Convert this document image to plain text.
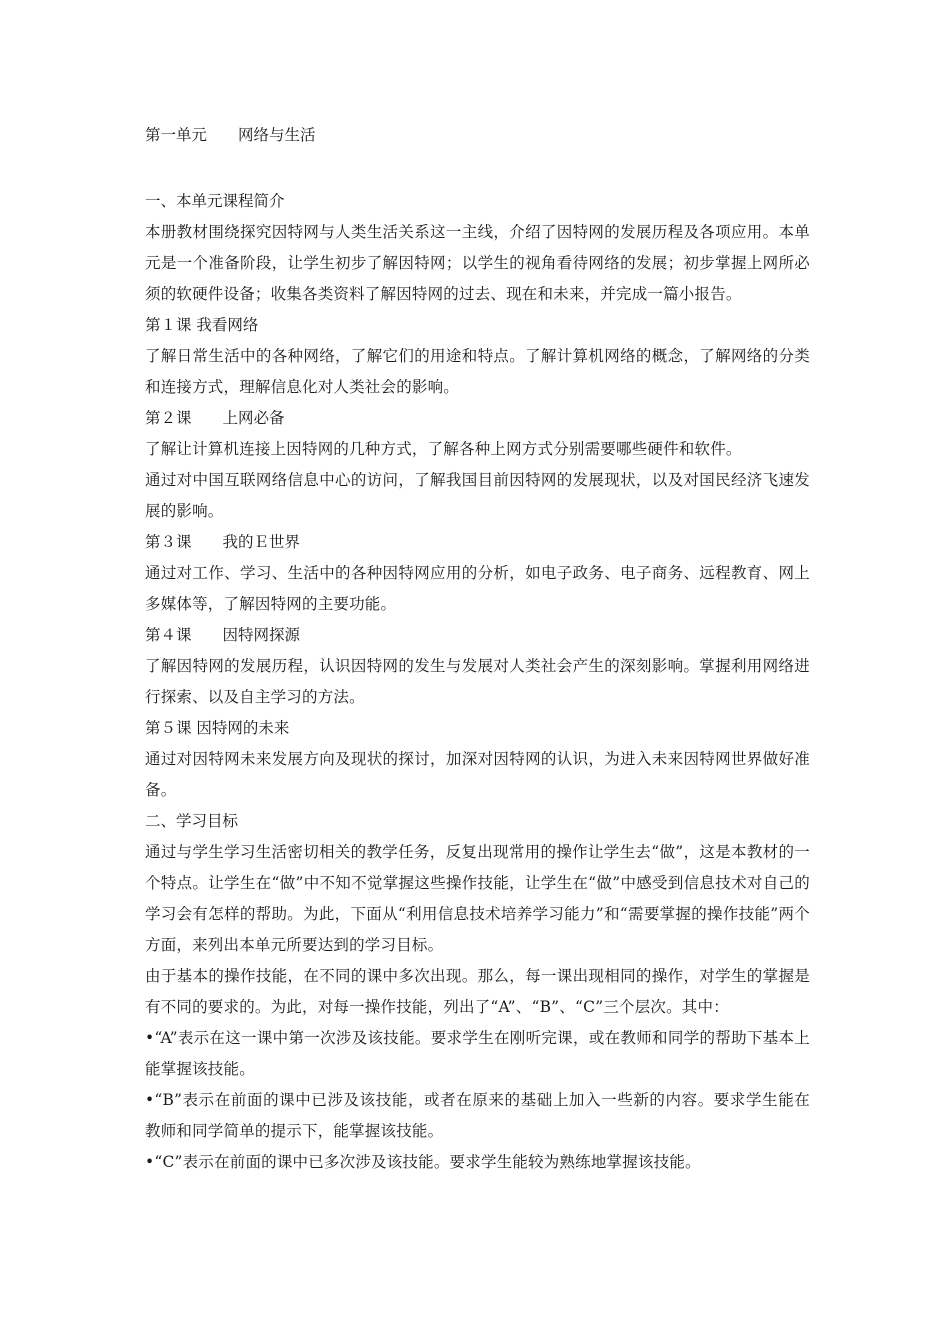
第一单元　　网络与生活
一、本单元课程简介

本册教材围绕探究因特网与人类生活关系这一主线，介绍了因特网的发展历程及各项应用。本单元是一个准备阶段，让学生初步了解因特网；以学生的视角看待网络的发展；初步掌握上网所必须的软硬件设备；收集各类资料了解因特网的过去、现在和未来，并完成一篇小报告。

第１课 我看网络

了解日常生活中的各种网络，了解它们的用途和特点。了解计算机网络的概念，了解网络的分类和连接方式，理解信息化对人类社会的影响。

第２课　　上网必备

了解让计算机连接上因特网的几种方式，了解各种上网方式分别需要哪些硬件和软件。

通过对中国互联网络信息中心的访问，了解我国目前因特网的发展现状，以及对国民经济飞速发展的影响。

第３课　　我的Ｅ世界

通过对工作、学习、生活中的各种因特网应用的分析，如电子政务、电子商务、远程教育、网上多媒体等，了解因特网的主要功能。

第４课　　因特网探源

了解因特网的发展历程，认识因特网的发生与发展对人类社会产生的深刻影响。掌握利用网络进行探索、以及自主学习的方法。

第５课 因特网的未来

通过对因特网未来发展方向及现状的探讨，加深对因特网的认识，为进入未来因特网世界做好准备。

二、学习目标

通过与学生学习生活密切相关的教学任务，反复出现常用的操作让学生去“做”，这是本教材的一个特点。让学生在“做”中不知不觉掌握这些操作技能，让学生在“做”中感受到信息技术对自己的学习会有怎样的帮助。为此，下面从“利用信息技术培养学习能力”和“需要掌握的操作技能”两个方面，来列出本单元所要达到的学习目标。

由于基本的操作技能，在不同的课中多次出现。那么，每一课出现相同的操作，对学生的掌握是有不同的要求的。为此，对每一操作技能，列出了“A”、“B”、“C”三个层次。其中：

•“A”表示在这一课中第一次涉及该技能。要求学生在刚听完课，或在教师和同学的帮助下基本上能掌握该技能。

•“B”表示在前面的课中已涉及该技能，或者在原来的基础上加入一些新的内容。要求学生能在教师和同学简单的提示下，能掌握该技能。

•“C”表示在前面的课中已多次涉及该技能。要求学生能较为熟练地掌握该技能。
